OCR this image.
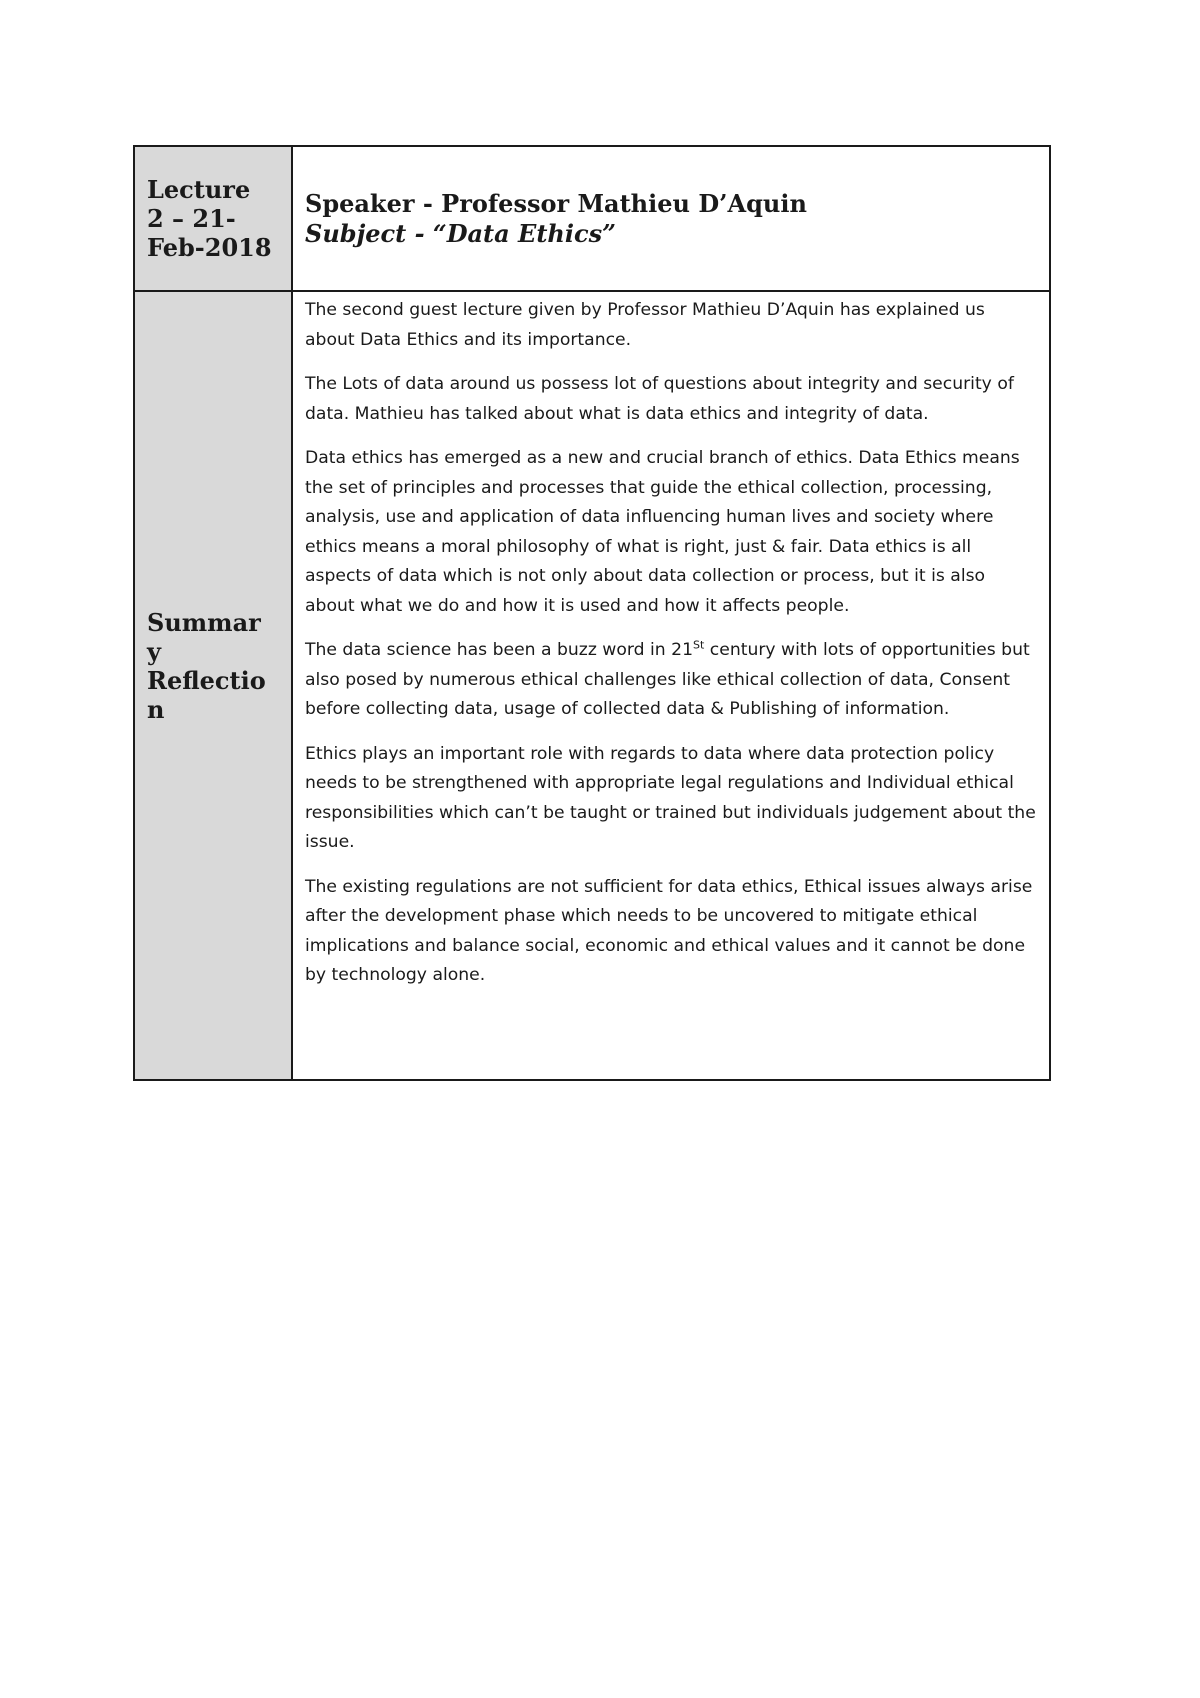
Lecture
2 – 21-
Feb-2018
Speaker - Professor Mathieu D’Aquin
Subject - “Data Ethics”
Summar
y
Reflectio
n

The second guest lecture given by Professor Mathieu D’Aquin has explained us about Data Ethics and its importance.

The Lots of data around us possess lot of questions about integrity and security of data. Mathieu has talked about what is data ethics and integrity of data.

Data ethics has emerged as a new and crucial branch of ethics. Data Ethics means the set of principles and processes that guide the ethical collection, processing, analysis, use and application of data influencing human lives and society where ethics means a moral philosophy of what is right, just & fair. Data ethics is all aspects of data which is not only about data collection or process, but it is also about what we do and how it is used and how it affects people.

The data science has been a buzz word in 21St century with lots of opportunities but also posed by numerous ethical challenges like ethical collection of data, Consent before collecting data, usage of collected data & Publishing of information.

Ethics plays an important role with regards to data where data protection policy needs to be strengthened with appropriate legal regulations and Individual ethical responsibilities which can’t be taught or trained but individuals judgement about the issue.

The existing regulations are not sufficient for data ethics, Ethical issues always arise after the development phase which needs to be uncovered to mitigate ethical implications and balance social, economic and ethical values and it cannot be done by technology alone.
